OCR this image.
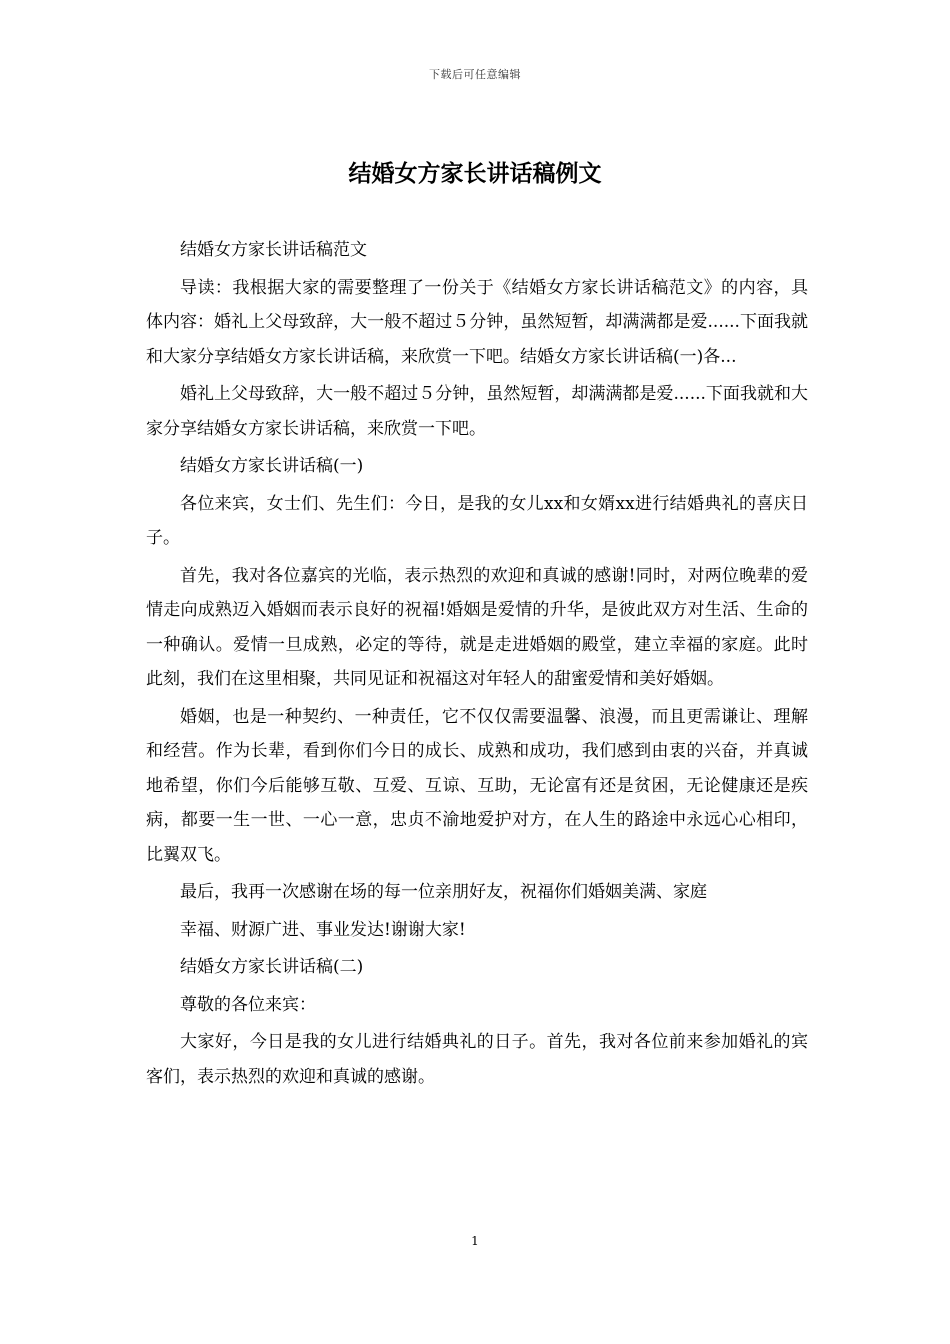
下载后可任意编辑
结婚女方家长讲话稿例文

结婚女方家长讲话稿范文

导读：我根据大家的需要整理了一份关于《结婚女方家长讲话稿范文》的内容，具体内容：婚礼上父母致辞，大一般不超过５分钟，虽然短暂，却满满都是爱......下面我就和大家分享结婚女方家长讲话稿，来欣赏一下吧。结婚女方家长讲话稿(一)各...

婚礼上父母致辞，大一般不超过５分钟，虽然短暂，却满满都是爱......下面我就和大家分享结婚女方家长讲话稿，来欣赏一下吧。

结婚女方家长讲话稿(一)

各位来宾，女士们、先生们：今日，是我的女儿xx和女婿xx进行结婚典礼的喜庆日子。

首先，我对各位嘉宾的光临，表示热烈的欢迎和真诚的感谢!同时，对两位晚辈的爱情走向成熟迈入婚姻而表示良好的祝福!婚姻是爱情的升华，是彼此双方对生活、生命的一种确认。爱情一旦成熟，必定的等待，就是走进婚姻的殿堂，建立幸福的家庭。此时此刻，我们在这里相聚，共同见证和祝福这对年轻人的甜蜜爱情和美好婚姻。

婚姻，也是一种契约、一种责任，它不仅仅需要温馨、浪漫，而且更需谦让、理解和经营。作为长辈，看到你们今日的成长、成熟和成功，我们感到由衷的兴奋，并真诚地希望，你们今后能够互敬、互爱、互谅、互助，无论富有还是贫困，无论健康还是疾病，都要一生一世、一心一意，忠贞不渝地爱护对方，在人生的路途中永远心心相印，比翼双飞。

最后，我再一次感谢在场的每一位亲朋好友，祝福你们婚姻美满、家庭

幸福、财源广进、事业发达!谢谢大家!

结婚女方家长讲话稿(二)

尊敬的各位来宾：

大家好，今日是我的女儿进行结婚典礼的日子。首先，我对各位前来参加婚礼的宾客们，表示热烈的欢迎和真诚的感谢。

1
